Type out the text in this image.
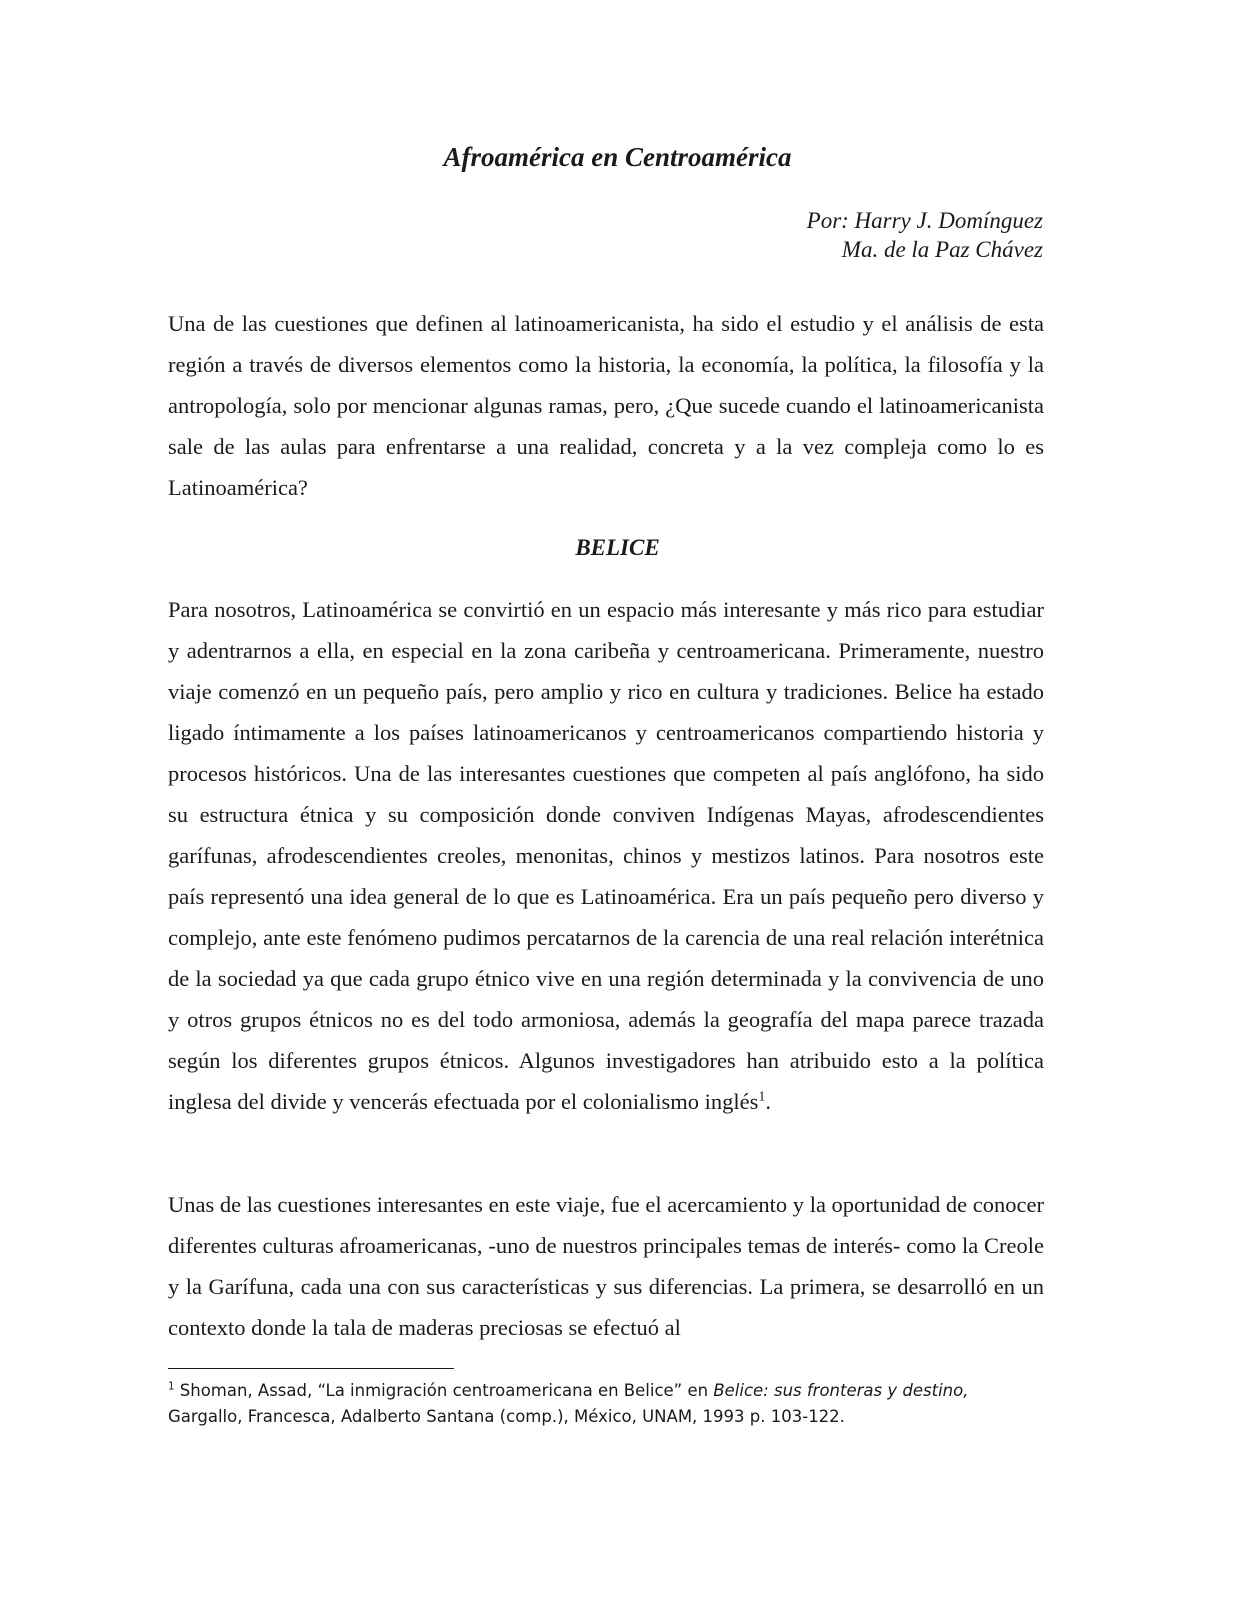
Afroamérica en Centroamérica
Por: Harry J. Domínguez
Ma. de la Paz Chávez

Una de las cuestiones que definen al latinoamericanista, ha sido el estudio y el análisis de esta región a través de diversos elementos como la historia, la economía, la política, la filosofía y la antropología, solo por mencionar algunas ramas, pero, ¿Que sucede cuando el latinoamericanista sale de las aulas para enfrentarse a una realidad, concreta y a la vez compleja como lo es Latinoamérica?

BELICE

Para nosotros, Latinoamérica se convirtió en un espacio más interesante y más rico para estudiar y adentrarnos a ella, en especial en la zona caribeña y centroamericana. Primeramente, nuestro viaje comenzó en un pequeño país, pero amplio y rico en cultura y tradiciones. Belice ha estado ligado íntimamente a los países latinoamericanos y centroamericanos compartiendo historia y procesos históricos. Una de las interesantes cuestiones que competen al país anglófono, ha sido su estructura étnica y su composición donde conviven Indígenas Mayas, afrodescendientes garífunas, afrodescendientes creoles, menonitas, chinos y mestizos latinos. Para nosotros este país representó una idea general de lo que es Latinoamérica. Era un país pequeño pero diverso y complejo, ante este fenómeno pudimos percatarnos de la carencia de una real relación interétnica de la sociedad ya que cada grupo étnico vive en una región determinada y la convivencia de uno y otros grupos étnicos no es del todo armoniosa, además la geografía del mapa parece trazada según los diferentes grupos étnicos. Algunos investigadores han atribuido esto a la política inglesa del divide y vencerás efectuada por el colonialismo inglés$^1$.

Unas de las cuestiones interesantes en este viaje, fue el acercamiento y la oportunidad de conocer diferentes culturas afroamericanas, -uno de nuestros principales temas de interés- como la Creole y la Garífuna, cada una con sus características y sus diferencias. La primera, se desarrolló en un contexto donde la tala de maderas preciosas se efectuó al

$^1$ Shoman, Assad, “La inmigración centroamericana en Belice” en Belice: sus fronteras y destino, Gargallo, Francesca, Adalberto Santana (comp.), México, UNAM, 1993 p. 103-122.
